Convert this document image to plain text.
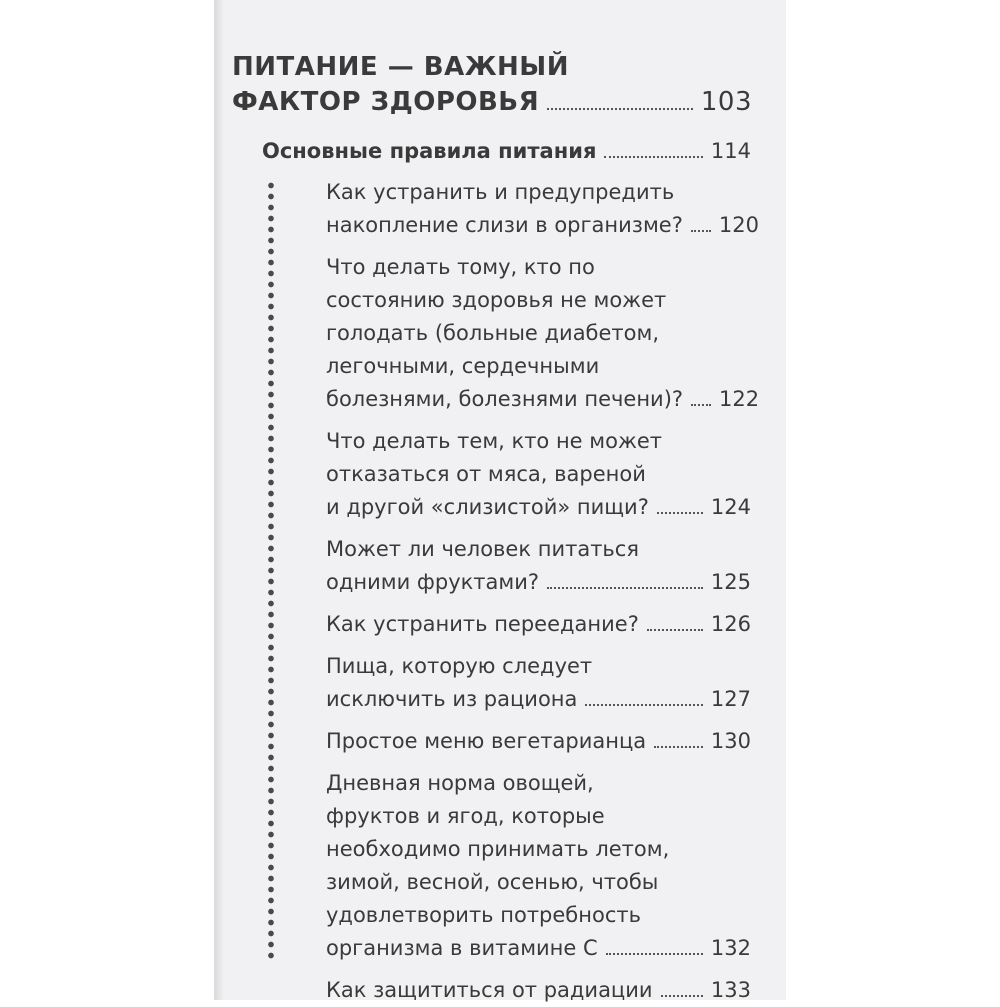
ПИТАНИЕ — ВАЖНЫЙ
ФАКТОР ЗДОРОВЬЯ	103
Основные правила питания	114
Как устранить и предупредить
накопление слизи в организме? 120
Что делать тому, кто по
состоянию здоровья не может
голодать (больные диабетом,
легочными, сердечными
болезнями, болезнями печени)? 122
Что делать тем, кто не может
отказаться от мяса, вареной
и другой «слизистой» пищи?	124
Может ли человек питаться
одними фруктами?	125
Как устранить переедание?	126
Пища, которую следует
исключить из рациона	127
Простое меню вегетарианца	130
Дневная норма овощей,
фруктов и ягод, которые
необходимо принимать летом,
зимой, весной, осенью, чтобы
удовлетворить потребность
организма в витамине С	132
Как защититься от радиации	133
